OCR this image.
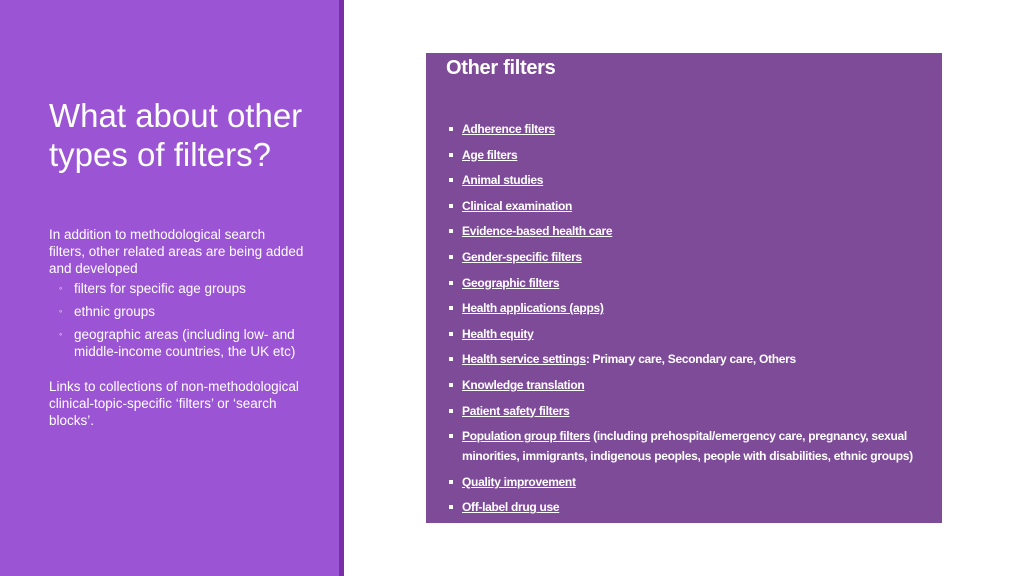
What about other types of filters?

In addition to methodological search filters, other related areas are being added and developed

◦ filters for specific age groups
◦ ethnic groups
◦ geographic areas (including low- and middle-income countries, the UK etc)

Links to collections of non-methodological clinical-topic-specific ‘filters’ or ‘search blocks’.

Other filters
Adherence filters
Age filters
Animal studies
Clinical examination
Evidence-based health care
Gender-specific filters
Geographic filters
Health applications (apps)
Health equity
Health service settings: Primary care, Secondary care, Others
Knowledge translation
Patient safety filters
Population group filters (including prehospital/emergency care, pregnancy, sexual minorities, immigrants, indigenous peoples, people with disabilities, ethnic groups)
Quality improvement
Off-label drug use
